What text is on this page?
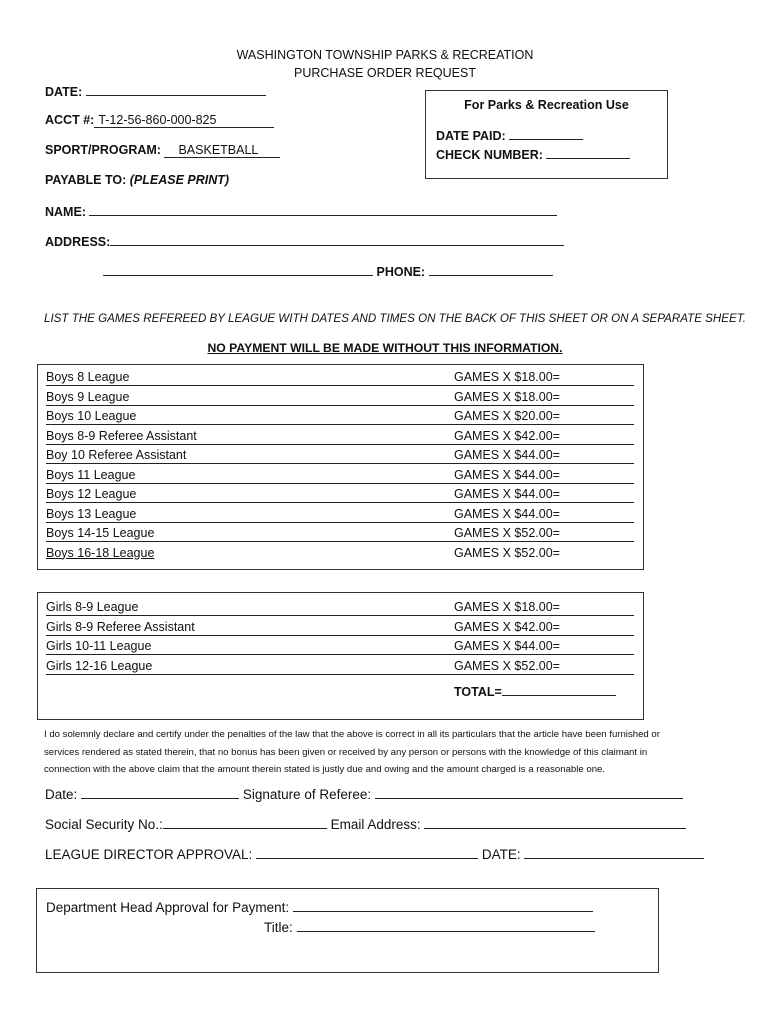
WASHINGTON TOWNSHIP PARKS & RECREATION
PURCHASE ORDER REQUEST
DATE:
ACCT #: T-12-56-860-000-825
SPORT/PROGRAM: BASKETBALL
PAYABLE TO: (PLEASE PRINT)
For Parks & Recreation Use
DATE PAID:
CHECK NUMBER:
NAME:
ADDRESS:
PHONE:
LIST THE GAMES REFEREED BY LEAGUE WITH DATES AND TIMES ON THE BACK OF THIS SHEET OR ON A SEPARATE SHEET.
NO PAYMENT WILL BE MADE WITHOUT THIS INFORMATION.
Boys 8 League	GAMES X $18.00=
Boys 9 League	GAMES X $18.00=
Boys 10 League	GAMES X $20.00=
Boys 8-9 Referee Assistant	GAMES X $42.00=
Boy 10 Referee Assistant	GAMES X $44.00=
Boys 11 League	GAMES X $44.00=
Boys 12 League	GAMES X $44.00=
Boys 13 League	GAMES X $44.00=
Boys 14-15 League	GAMES X $52.00=
Boys 16-18 League	GAMES X $52.00=
Girls 8-9 League	GAMES X $18.00=
Girls 8-9 Referee Assistant	GAMES X $42.00=
Girls 10-11 League	GAMES X $44.00=
Girls 12-16 League	GAMES X $52.00=
TOTAL=
I do solemnly declare and certify under the penalties of the law that the above is correct in all its particulars that the article have been furnished or
services rendered as stated therein, that no bonus has been given or received by any person or persons with the knowledge of this claimant in
connection with the above claim that the amount therein stated is justly due and owing and the amount charged is a reasonable one.
Date:	Signature of Referee:
Social Security No.:	Email Address:
LEAGUE DIRECTOR APPROVAL:	DATE:
Department Head Approval for Payment:
Title:
